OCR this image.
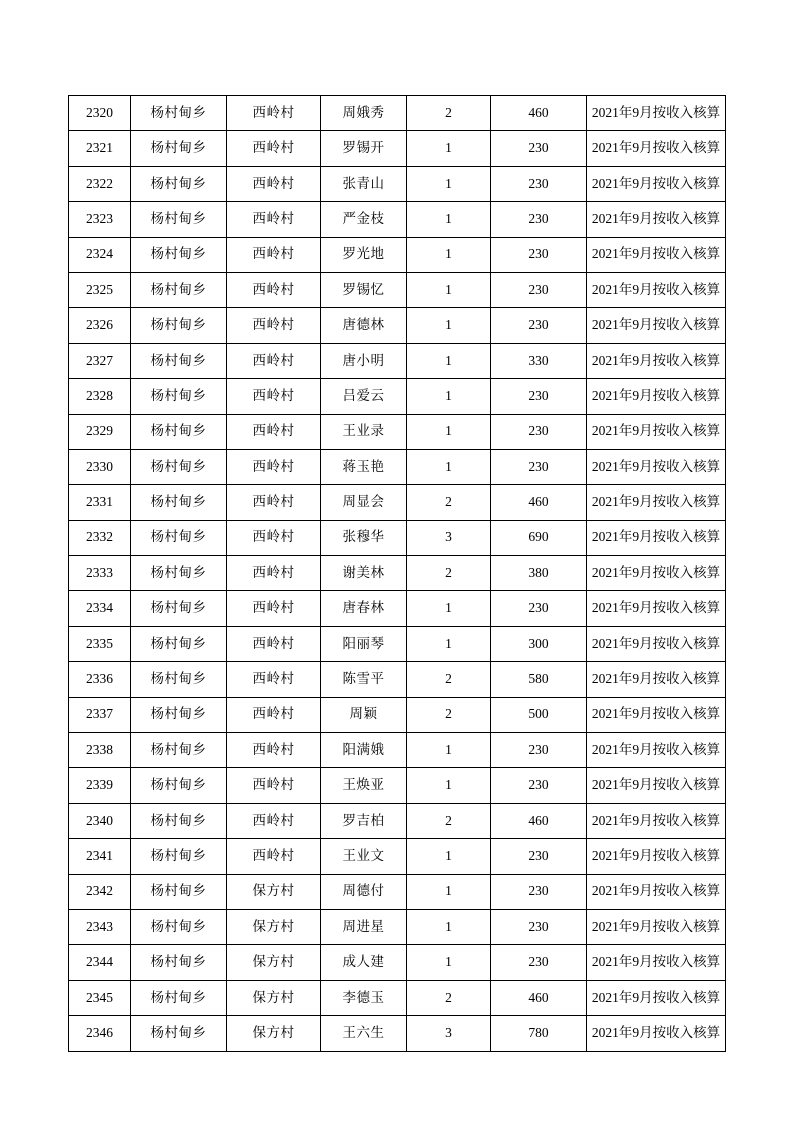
2320	杨村甸乡	西岭村	周娥秀	2	460	2021年9月按收入核算
2321	杨村甸乡	西岭村	罗锡开	1	230	2021年9月按收入核算
2322	杨村甸乡	西岭村	张青山	1	230	2021年9月按收入核算
2323	杨村甸乡	西岭村	严金枝	1	230	2021年9月按收入核算
2324	杨村甸乡	西岭村	罗光地	1	230	2021年9月按收入核算
2325	杨村甸乡	西岭村	罗锡忆	1	230	2021年9月按收入核算
2326	杨村甸乡	西岭村	唐德林	1	230	2021年9月按收入核算
2327	杨村甸乡	西岭村	唐小明	1	330	2021年9月按收入核算
2328	杨村甸乡	西岭村	吕爱云	1	230	2021年9月按收入核算
2329	杨村甸乡	西岭村	王业录	1	230	2021年9月按收入核算
2330	杨村甸乡	西岭村	蒋玉艳	1	230	2021年9月按收入核算
2331	杨村甸乡	西岭村	周显会	2	460	2021年9月按收入核算
2332	杨村甸乡	西岭村	张穆华	3	690	2021年9月按收入核算
2333	杨村甸乡	西岭村	谢美林	2	380	2021年9月按收入核算
2334	杨村甸乡	西岭村	唐春林	1	230	2021年9月按收入核算
2335	杨村甸乡	西岭村	阳丽琴	1	300	2021年9月按收入核算
2336	杨村甸乡	西岭村	陈雪平	2	580	2021年9月按收入核算
2337	杨村甸乡	西岭村	周颖	2	500	2021年9月按收入核算
2338	杨村甸乡	西岭村	阳满娥	1	230	2021年9月按收入核算
2339	杨村甸乡	西岭村	王焕亚	1	230	2021年9月按收入核算
2340	杨村甸乡	西岭村	罗吉柏	2	460	2021年9月按收入核算
2341	杨村甸乡	西岭村	王业文	1	230	2021年9月按收入核算
2342	杨村甸乡	保方村	周德付	1	230	2021年9月按收入核算
2343	杨村甸乡	保方村	周进星	1	230	2021年9月按收入核算
2344	杨村甸乡	保方村	成人建	1	230	2021年9月按收入核算
2345	杨村甸乡	保方村	李德玉	2	460	2021年9月按收入核算
2346	杨村甸乡	保方村	王六生	3	780	2021年9月按收入核算
